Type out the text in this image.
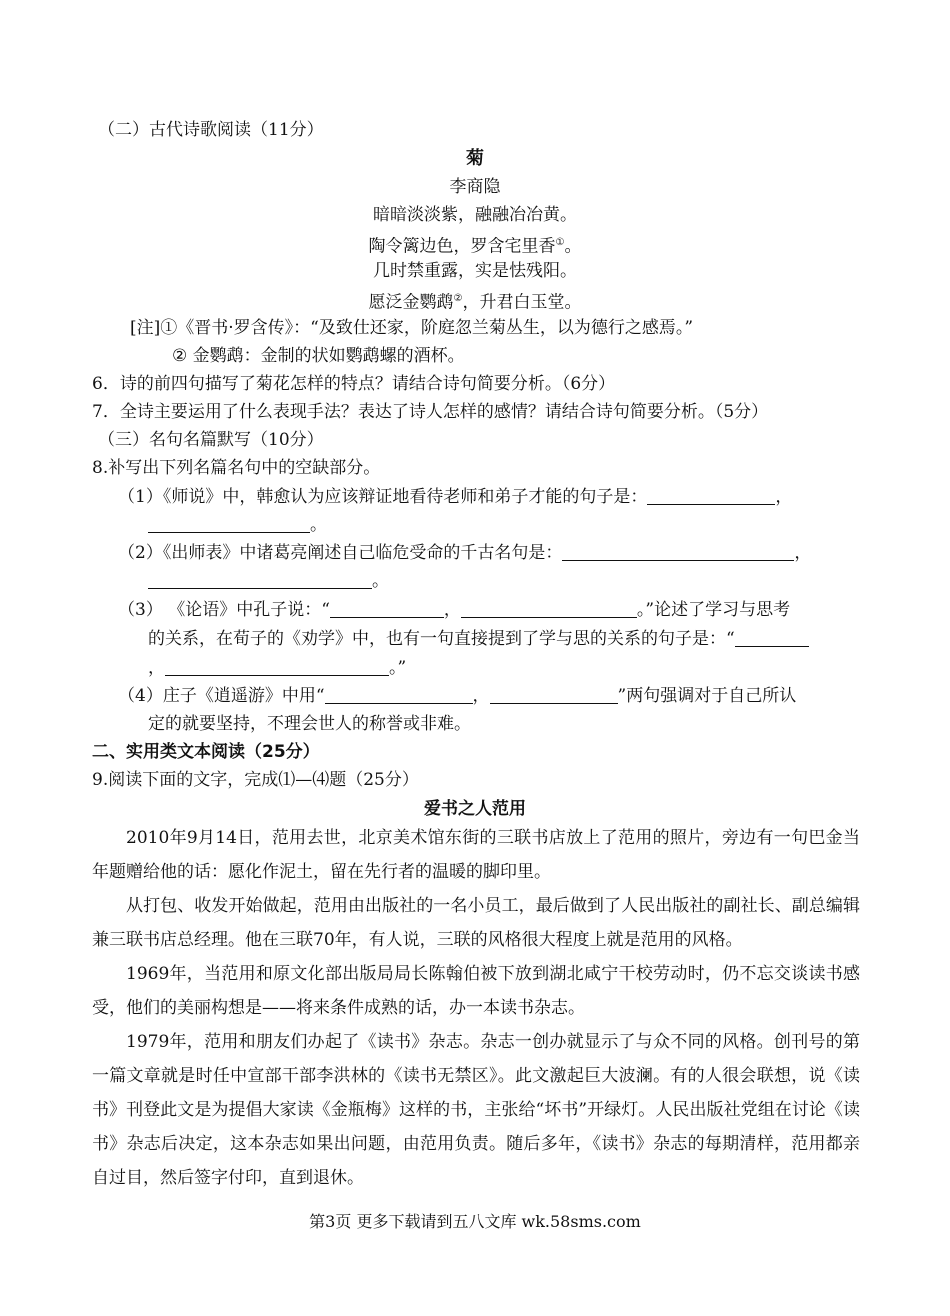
（二）古代诗歌阅读（11分）
菊
李商隐
暗暗淡淡紫，融融冶冶黄。
陶令篱边色，罗含宅里香①。
几时禁重露，实是怯残阳。
愿泛金鹦鹉②，升君白玉堂。
[注]①《晋书·罗含传》：“及致仕还家，阶庭忽兰菊丛生，以为德行之感焉。”
② 金鹦鹉：金制的状如鹦鹉螺的酒杯。
6．诗的前四句描写了菊花怎样的特点？请结合诗句简要分析。（6分）
7．全诗主要运用了什么表现手法？表达了诗人怎样的感情？请结合诗句简要分析。（5分）
（三）名句名篇默写（10分）
8.补写出下列名篇名句中的空缺部分。
（1）《师说》中，韩愈认为应该辩证地看待老师和弟子才能的句子是：	，
。
（2）《出师表》中诸葛亮阐述自己临危受命的千古名句是：	，
。
（3） 《论语》中孔子说：“	，	。”论述了学习与思考
的关系，在荀子的《劝学》中，也有一句直接提到了学与思的关系的句子是：“
，	。”
（4）庄子《逍遥游》中用“	，	”两句强调对于自己所认
定的就要坚持，不理会世人的称誉或非难。
二、实用类文本阅读（25分）
9.阅读下面的文字，完成⑴—⑷题（25分）
爱书之人范用
2010年9月14日，范用去世，北京美术馆东街的三联书店放上了范用的照片，旁边有一句巴金当年题赠给他的话：愿化作泥土，留在先行者的温暖的脚印里。
从打包、收发开始做起，范用由出版社的一名小员工，最后做到了人民出版社的副社长、副总编辑兼三联书店总经理。他在三联70年，有人说，三联的风格很大程度上就是范用的风格。
1969年，当范用和原文化部出版局局长陈翰伯被下放到湖北咸宁干校劳动时，仍不忘交谈读书感受，他们的美丽构想是——将来条件成熟的话，办一本读书杂志。
1979年，范用和朋友们办起了《读书》杂志。杂志一创办就显示了与众不同的风格。创刊号的第一篇文章就是时任中宣部干部李洪林的《读书无禁区》。此文激起巨大波澜。有的人很会联想，说《读书》刊登此文是为提倡大家读《金瓶梅》这样的书，主张给“坏书”开绿灯。人民出版社党组在讨论《读书》杂志后决定，这本杂志如果出问题，由范用负责。随后多年，《读书》杂志的每期清样，范用都亲自过目，然后签字付印，直到退休。
第3页 更多下载请到五八文库 wk.58sms.com
